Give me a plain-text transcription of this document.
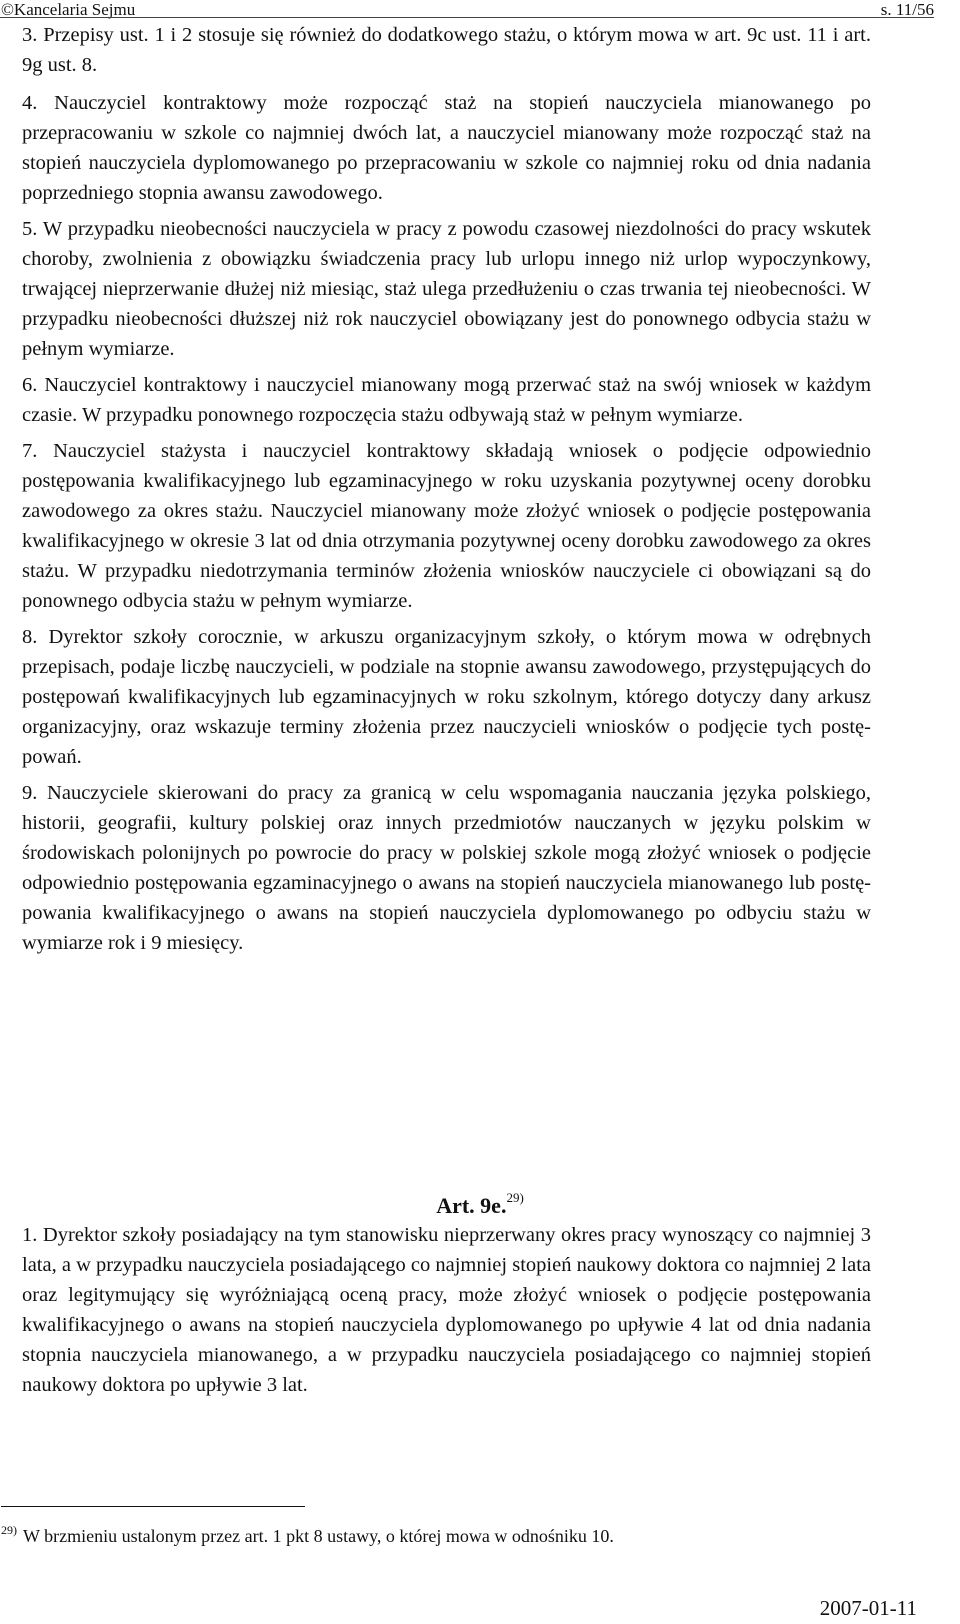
©Kancelaria Sejmu	s. 11/56

3. Przepisy ust. 1 i 2 stosuje się również do dodatkowego stażu, o którym mowa w art. 9c ust. 11 i art. 9g ust. 8.

4. Nauczyciel kontraktowy może rozpocząć staż na stopień nauczyciela mianowanego po przepracowaniu w szkole co najmniej dwóch lat, a nauczyciel mianowany może rozpocząć staż na stopień nauczyciela dyplomowanego po przepracowaniu w szkole co najmniej roku od dnia nadania poprzedniego stopnia awansu zawodowego.

5. W przypadku nieobecności nauczyciela w pracy z powodu czasowej niezdolności do pracy wskutek choroby, zwolnienia z obowiązku świadczenia pracy lub urlopu innego niż urlop wypoczynkowy, trwającej nieprzerwanie dłużej niż miesiąc, staż ulega przedłużeniu o czas trwania tej nieobecności. W przypadku nieobecności dłuższej niż rok nauczyciel obowiązany jest do ponownego odbycia stażu w pełnym wymiarze.

6. Nauczyciel kontraktowy i nauczyciel mianowany mogą przerwać staż na swój wniosek w każdym czasie. W przypadku ponownego rozpoczęcia stażu odbywają staż w pełnym wymiarze.

7. Nauczyciel stażysta i nauczyciel kontraktowy składają wniosek o podjęcie odpowiednio postępowania kwalifikacyjnego lub egzaminacyjnego w roku uzyskania pozytywnej oceny dorobku zawodowego za okres stażu. Nauczyciel mianowany może złożyć wniosek o podjęcie postępowania kwalifikacyjnego w okresie 3 lat od dnia otrzymania pozytywnej oceny dorobku zawodowego za okres stażu. W przypadku niedotrzymania terminów złożenia wniosków nauczyciele ci obowiązani są do ponownego odbycia stażu w pełnym wymiarze.

8. Dyrektor szkoły corocznie, w arkuszu organizacyjnym szkoły, o którym mowa w odrębnych przepisach, podaje liczbę nauczycieli, w podziale na stopnie awansu zawodowego, przystępujących do postępowań kwalifikacyjnych lub egzaminacyjnych w roku szkolnym, którego dotyczy dany arkusz organizacyjny, oraz wskazuje terminy złożenia przez nauczycieli wniosków o podjęcie tych postępowań.

9. Nauczyciele skierowani do pracy za granicą w celu wspomagania nauczania języka polskiego, historii, geografii, kultury polskiej oraz innych przedmiotów nauczanych w języku polskim w środowiskach polonijnych po powrocie do pracy w polskiej szkole mogą złożyć wniosek o podjęcie odpowiednio postępowania egzaminacyjnego o awans na stopień nauczyciela mianowanego lub postępowania kwalifikacyjnego o awans na stopień nauczyciela dyplomowanego po odbyciu stażu w wymiarze rok i 9 miesięcy.

Art. 9e.$^{29)}$

1. Dyrektor szkoły posiadający na tym stanowisku nieprzerwany okres pracy wynoszący co najmniej 3 lata, a w przypadku nauczyciela posiadającego co najmniej stopień naukowy doktora co najmniej 2 lata oraz legitymujący się wyróżniającą oceną pracy, może złożyć wniosek o podjęcie postępowania kwalifikacyjnego o awans na stopień nauczyciela dyplomowanego po upływie 4 lat od dnia nadania stopnia nauczyciela mianowanego, a w przypadku nauczyciela posiadającego co najmniej stopień naukowy doktora po upływie 3 lat.

$^{29)}$ W brzmieniu ustalonym przez art. 1 pkt 8 ustawy, o której mowa w odnośniku 10.
2007-01-11
